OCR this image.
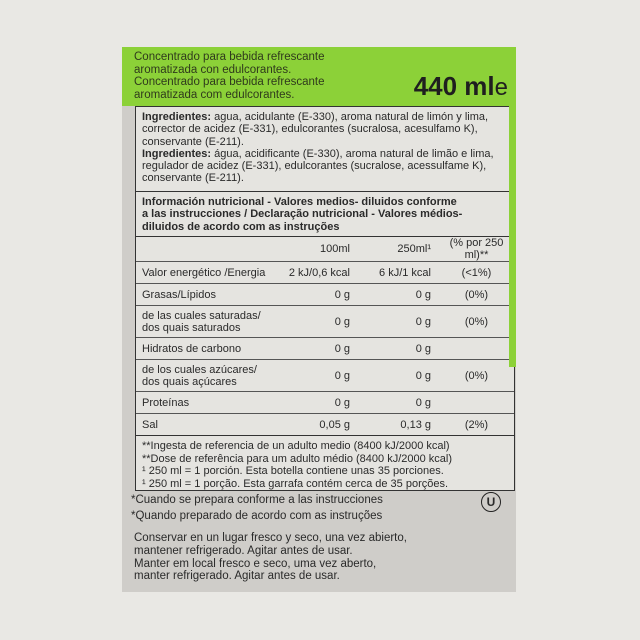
Concentrado para bebida refrescante
aromatizada con edulcorantes.
Concentrado para bebida refrescante
aromatizada com edulcorantes.	440 mle

Ingredientes: agua, acidulante (E-330), aroma natural de limón y lima, corrector de acidez (E-331), edulcorantes (sucralosa, acesulfamo K), conservante (E-211).

Ingredientes: água, acidificante (E-330), aroma natural de limão e lima, regulador de acidez (E-331), edulcorantes (sucralose, acessulfame K), conservante (E-211).

Información nutricional - Valores medios- diluidos conforme
a las instrucciones / Declaração nutricional - Valores médios-
diluidos de acordo com as instruções
	100ml	250ml¹	(% por 250 ml)**
Valor energético /Energia	2 kJ/0,6 kcal	6 kJ/1 kcal	(<1%)
Grasas/Lípidos	0 g	0 g	(0%)

de las cuales saturadas/
dos quais saturados	0 g	0 g	(0%)
Hidratos de carbono	0 g	0 g	

de los cuales azúcares/
dos quais açúcares	0 g	0 g	(0%)
Proteínas	0 g	0 g	
Sal	0,05 g	0,13 g	(2%)

**Ingesta de referencia de un adulto medio (8400 kJ/2000 kcal)

**Dose de referência para um adulto médio (8400 kJ/2000 kcal)

¹ 250 ml = 1 porción. Esta botella contiene unas 35 porciones.

¹ 250 ml = 1 porção. Esta garrafa contém cerca de 35 porções.

*Cuando se prepara conforme a las instrucciones
*Quando preparado de acordo com as instruções
U

Conservar en un lugar fresco y seco, una vez abierto,

mantener refrigerado. Agitar antes de usar.

Manter em local fresco e seco, uma vez aberto,

manter refrigerado. Agitar antes de usar.
